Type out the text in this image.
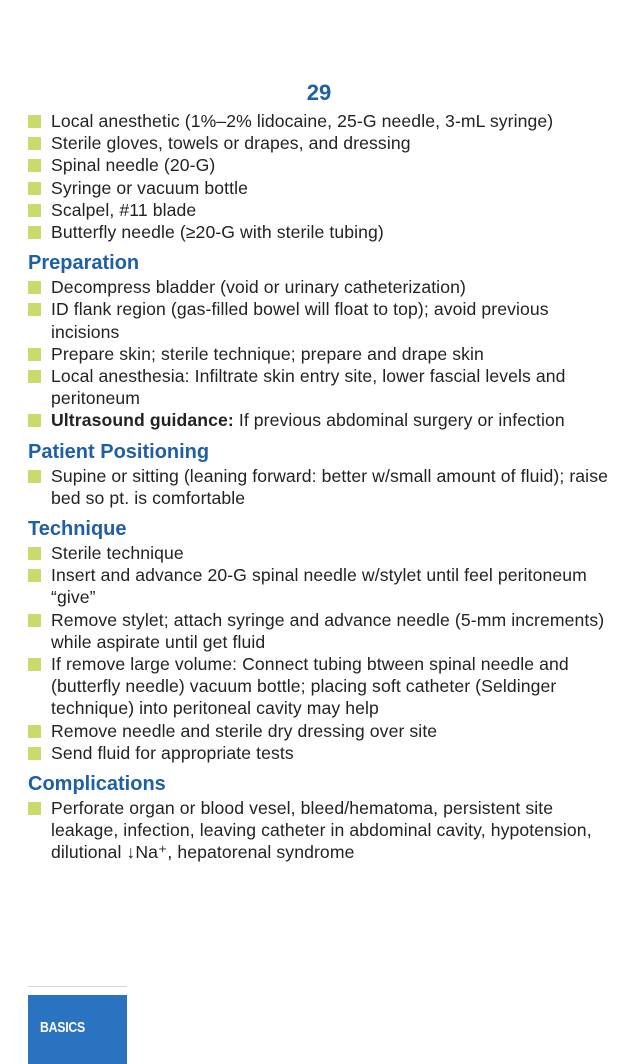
29
Local anesthetic (1%–2% lidocaine, 25-G needle, 3-mL syringe)
Sterile gloves, towels or drapes, and dressing
Spinal needle (20-G)
Syringe or vacuum bottle
Scalpel, #11 blade
Butterfly needle (≥20-G with sterile tubing)
Preparation
Decompress bladder (void or urinary catheterization)
ID flank region (gas-filled bowel will float to top); avoid previous incisions
Prepare skin; sterile technique; prepare and drape skin
Local anesthesia: Infiltrate skin entry site, lower fascial levels and peritoneum
Ultrasound guidance: If previous abdominal surgery or infection
Patient Positioning
Supine or sitting (leaning forward: better w/small amount of fluid); raise bed so pt. is comfortable
Technique
Sterile technique
Insert and advance 20-G spinal needle w/stylet until feel peritoneum “give”
Remove stylet; attach syringe and advance needle (5-mm increments) while aspirate until get fluid
If remove large volume: Connect tubing btween spinal needle and (butterfly needle) vacuum bottle; placing soft catheter (Seldinger technique) into peritoneal cavity may help
Remove needle and sterile dry dressing over site
Send fluid for appropriate tests
Complications
Perforate organ or blood vesel, bleed/hematoma, persistent site leakage, infection, leaving catheter in abdominal cavity, hypotension, dilutional ↓Na⁺, hepatorenal syndrome
BASICS
